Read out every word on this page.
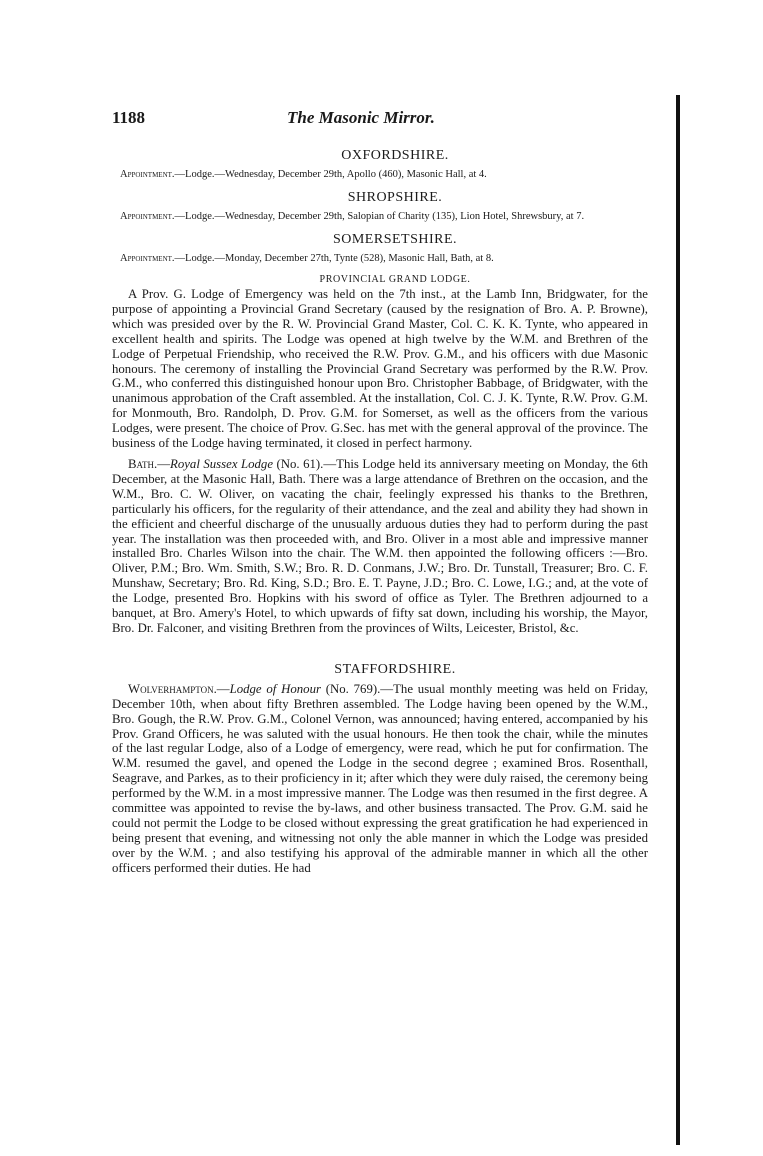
1188	The Masonic Mirror.
OXFORDSHIRE.

Appointment.—Lodge.—Wednesday, December 29th, Apollo (460), Masonic Hall, at 4.

SHROPSHIRE.

Appointment.—Lodge.—Wednesday, December 29th, Salopian of Charity (135), Lion Hotel, Shrewsbury, at 7.

SOMERSETSHIRE.

Appointment.—Lodge.—Monday, December 27th, Tynte (528), Masonic Hall, Bath, at 8.

PROVINCIAL GRAND LODGE.

A Prov. G. Lodge of Emergency was held on the 7th inst., at the Lamb Inn, Bridgwater, for the purpose of appointing a Provincial Grand Secretary (caused by the resignation of Bro. A. P. Browne), which was presided over by the R. W. Provincial Grand Master, Col. C. K. K. Tynte, who appeared in excellent health and spirits. The Lodge was opened at high twelve by the W.M. and Brethren of the Lodge of Perpetual Friendship, who received the R.W. Prov. G.M., and his officers with due Masonic honours. The ceremony of installing the Provincial Grand Secretary was performed by the R.W. Prov. G.M., who conferred this distinguished honour upon Bro. Christopher Babbage, of Bridgwater, with the unanimous approbation of the Craft assembled. At the installation, Col. C. J. K. Tynte, R.W. Prov. G.M. for Monmouth, Bro. Randolph, D. Prov. G.M. for Somerset, as well as the officers from the various Lodges, were present. The choice of Prov. G.Sec. has met with the general approval of the province. The business of the Lodge having terminated, it closed in perfect harmony.

Bath.—Royal Sussex Lodge (No. 61).—This Lodge held its anniversary meeting on Monday, the 6th December, at the Masonic Hall, Bath. There was a large attendance of Brethren on the occasion, and the W.M., Bro. C. W. Oliver, on vacating the chair, feelingly expressed his thanks to the Brethren, particularly his officers, for the regularity of their attendance, and the zeal and ability they had shown in the efficient and cheerful discharge of the unusually arduous duties they had to perform during the past year. The installation was then proceeded with, and Bro. Oliver in a most able and impressive manner installed Bro. Charles Wilson into the chair. The W.M. then appointed the following officers :—Bro. Oliver, P.M.; Bro. Wm. Smith, S.W.; Bro. R. D. Conmans, J.W.; Bro. Dr. Tunstall, Treasurer; Bro. C. F. Munshaw, Secretary; Bro. Rd. King, S.D.; Bro. E. T. Payne, J.D.; Bro. C. Lowe, I.G.; and, at the vote of the Lodge, presented Bro. Hopkins with his sword of office as Tyler. The Brethren adjourned to a banquet, at Bro. Amery's Hotel, to which upwards of fifty sat down, including his worship, the Mayor, Bro. Dr. Falconer, and visiting Brethren from the provinces of Wilts, Leicester, Bristol, &c.

STAFFORDSHIRE.

Wolverhampton.—Lodge of Honour (No. 769).—The usual monthly meeting was held on Friday, December 10th, when about fifty Brethren assembled. The Lodge having been opened by the W.M., Bro. Gough, the R.W. Prov. G.M., Colonel Vernon, was announced; having entered, accompanied by his Prov. Grand Officers, he was saluted with the usual honours. He then took the chair, while the minutes of the last regular Lodge, also of a Lodge of emergency, were read, which he put for confirmation. The W.M. resumed the gavel, and opened the Lodge in the second degree ; examined Bros. Rosenthall, Seagrave, and Parkes, as to their proficiency in it; after which they were duly raised, the ceremony being performed by the W.M. in a most impressive manner. The Lodge was then resumed in the first degree. A committee was appointed to revise the by-laws, and other business transacted. The Prov. G.M. said he could not permit the Lodge to be closed without expressing the great gratification he had experienced in being present that evening, and witnessing not only the able manner in which the Lodge was presided over by the W.M. ; and also testifying his approval of the admirable manner in which all the other officers performed their duties. He had
